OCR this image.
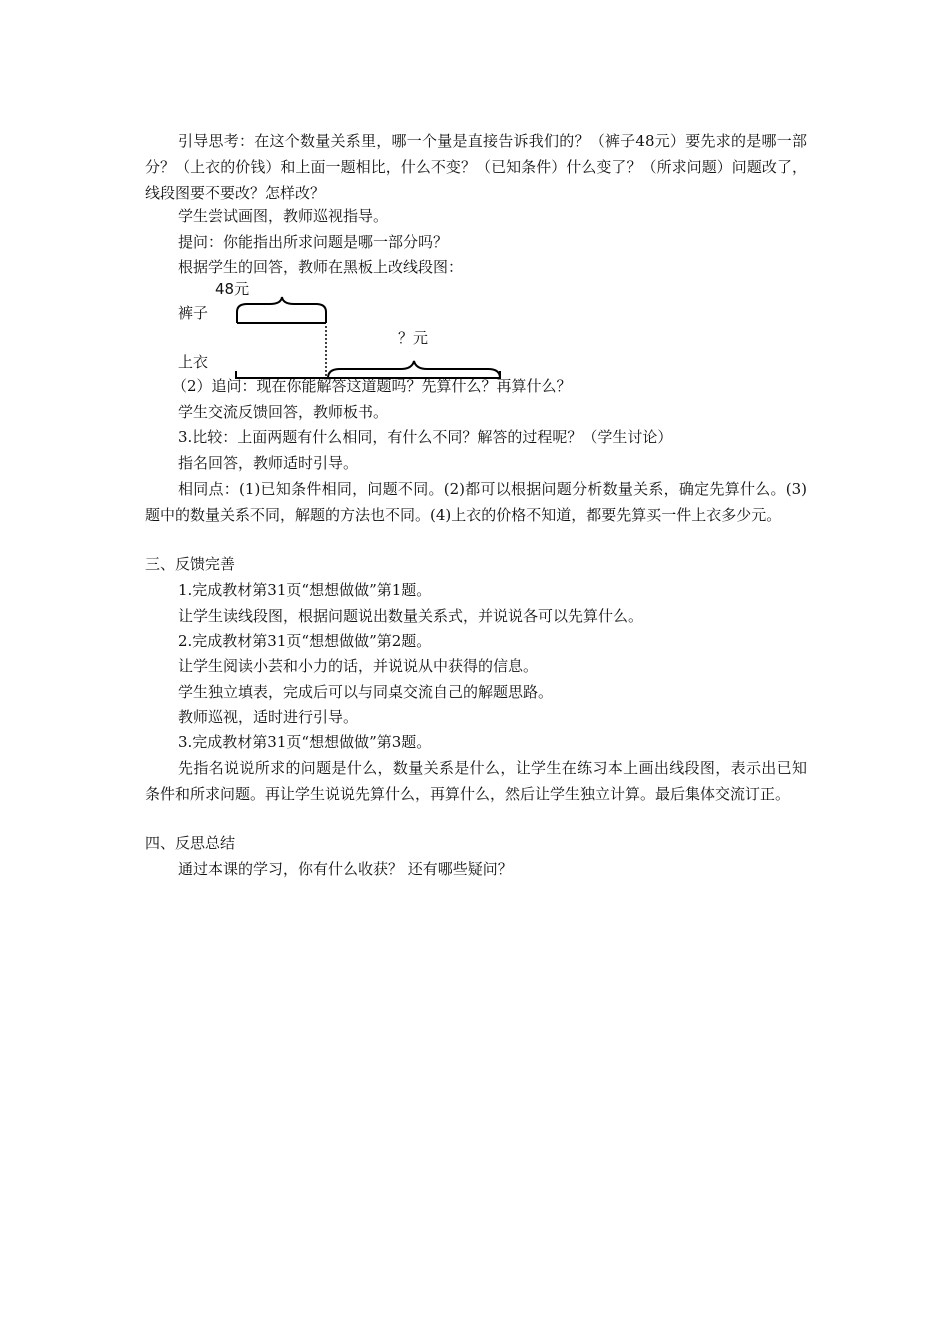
引导思考：在这个数量关系里，哪一个量是直接告诉我们的？（裤子48元）要先求的是哪一部分？（上衣的价钱）和上面一题相比，什么不变？（已知条件）什么变了？（所求问题）问题改了，线段图要不要改？怎样改？
学生尝试画图，教师巡视指导。
提问：你能指出所求问题是哪一部分吗？
根据学生的回答，教师在黑板上改线段图：
48元
裤子
？元
上衣
（2）追问：现在你能解答这道题吗？先算什么？再算什么？
学生交流反馈回答，教师板书。
3.比较：上面两题有什么相同，有什么不同？解答的过程呢？（学生讨论）
指名回答，教师适时引导。
相同点：(1)已知条件相同，问题不同。(2)都可以根据问题分析数量关系，确定先算什么。(3)题中的数量关系不同，解题的方法也不同。(4)上衣的价格不知道，都要先算买一件上衣多少元。
三、反馈完善
1.完成教材第31页“想想做做”第1题。
让学生读线段图，根据问题说出数量关系式，并说说各可以先算什么。
2.完成教材第31页“想想做做”第2题。
让学生阅读小芸和小力的话，并说说从中获得的信息。
学生独立填表，完成后可以与同桌交流自己的解题思路。
教师巡视，适时进行引导。
3.完成教材第31页“想想做做”第3题。
先指名说说所求的问题是什么，数量关系是什么，让学生在练习本上画出线段图，表示出已知条件和所求问题。再让学生说说先算什么，再算什么，然后让学生独立计算。最后集体交流订正。
四、反思总结
通过本课的学习，你有什么收获？ 还有哪些疑问？
